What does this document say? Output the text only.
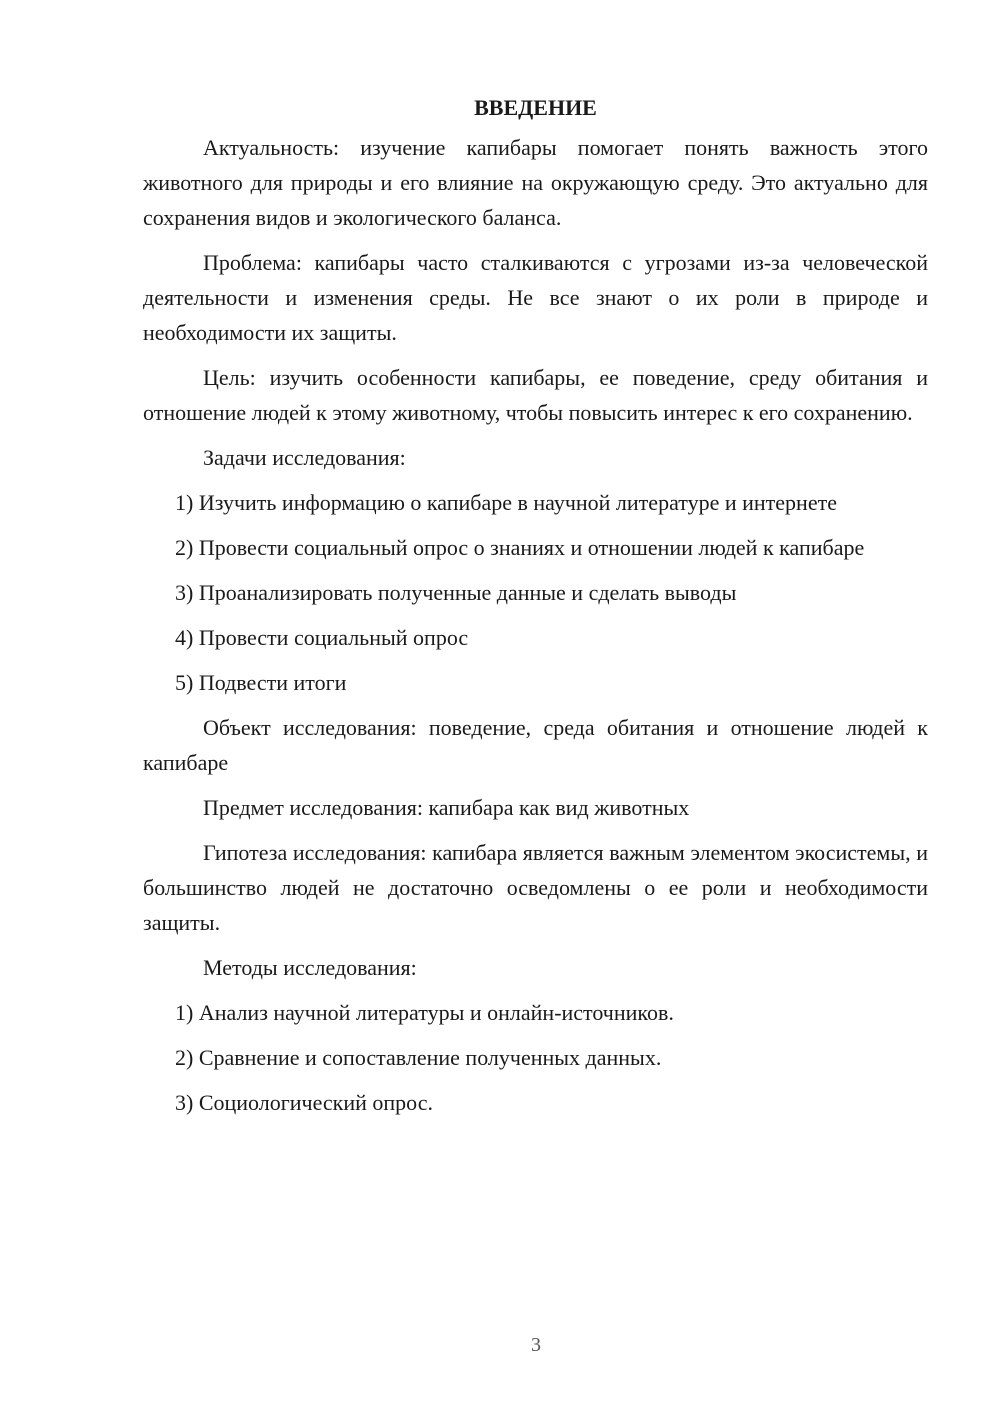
ВВЕДЕНИЕ

Актуальность: изучение капибары помогает понять важность этого животного для природы и его влияние на окружающую среду. Это актуально для сохранения видов и экологического баланса.

Проблема: капибары часто сталкиваются с угрозами из-за человеческой деятельности и изменения среды. Не все знают о их роли в природе и необходимости их защиты.

Цель: изучить особенности капибары, ее поведение, среду обитания и отношение людей к этому животному, чтобы повысить интерес к его сохранению.

Задачи исследования:

1) Изучить информацию о капибаре в научной литературе и интернете

2) Провести социальный опрос о знаниях и отношении людей к капибаре

3) Проанализировать полученные данные и сделать выводы

4) Провести социальный опрос

5) Подвести итоги

Объект исследования: поведение, среда обитания и отношение людей к капибаре

Предмет исследования: капибара как вид животных

Гипотеза исследования: капибара является важным элементом экосистемы, и большинство людей не достаточно осведомлены о ее роли и необходимости защиты.

Методы исследования:

1) Анализ научной литературы и онлайн-источников.

2) Сравнение и сопоставление полученных данных.

3) Социологический опрос.

3
